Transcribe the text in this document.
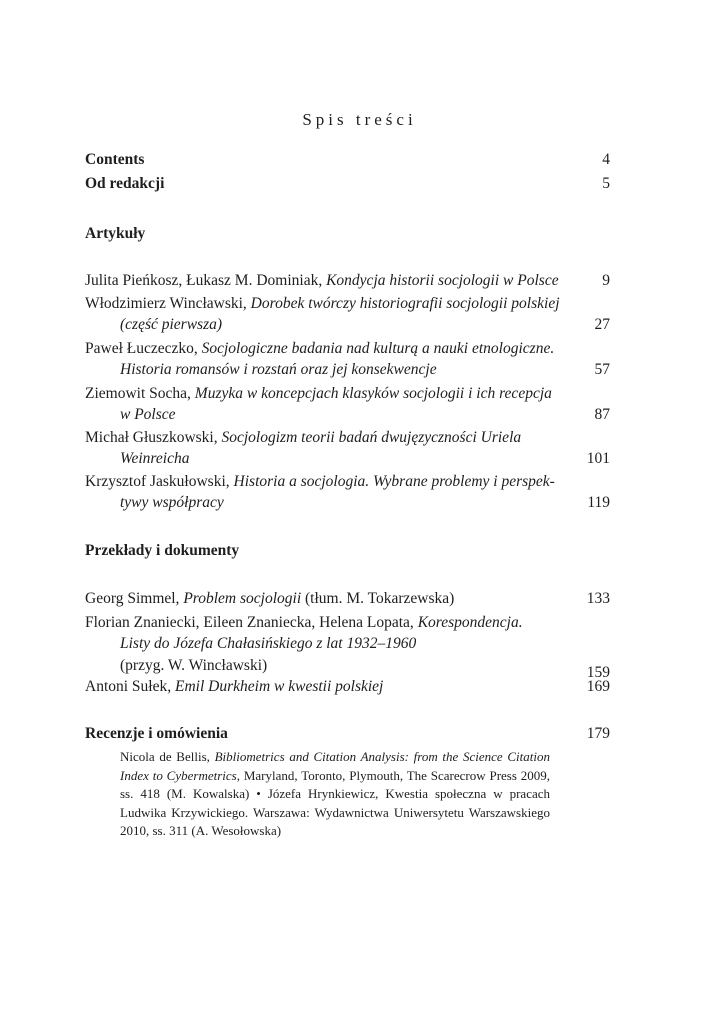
Spis treści
Contents	4
Od redakcji	5
Artykuły
Julita Pieńkosz, Łukasz M. Dominiak, Kondycja historii socjologii w Polsce	9
Włodzimierz Wincławski, Dorobek twórczy historiografii socjologii polskiej
(część pierwsza)	27
Paweł Łuczeczko, Socjologiczne badania nad kulturą a nauki etnologiczne.
Historia romansów i rozstań oraz jej konsekwencje	57
Ziemowit Socha, Muzyka w koncepcjach klasyków socjologii i ich recepcja
w Polsce	87
Michał Głuszkowski, Socjologizm teorii badań dwujęzyczności Uriela
Weinreicha	101
Krzysztof Jaskułowski, Historia a socjologia. Wybrane problemy i perspek-
tywy współpracy	119
Przekłady i dokumenty
Georg Simmel, Problem socjologii (tłum. M. Tokarzewska)	133
Florian Znaniecki, Eileen Znaniecka, Helena Lopata, Korespondencja.
Listy do Józefa Chałasińskiego z lat 1932–1960
(przyg. W. Wincławski)	159
Antoni Sułek, Emil Durkheim w kwestii polskiej	169
Recenzje i omówienia	179
Nicola de Bellis, Bibliometrics and Citation Analysis: from the Science Citation Index to Cybermetrics, Maryland, Toronto, Plymouth, The Scarecrow Press 2009, ss. 418 (M. Kowalska) • Józefa Hrynkiewicz, Kwestia społeczna w pracach Ludwika Krzywickiego. Warszawa: Wydawnictwa Uniwersytetu Warszawskiego 2010, ss. 311 (A. Wesołowska)
